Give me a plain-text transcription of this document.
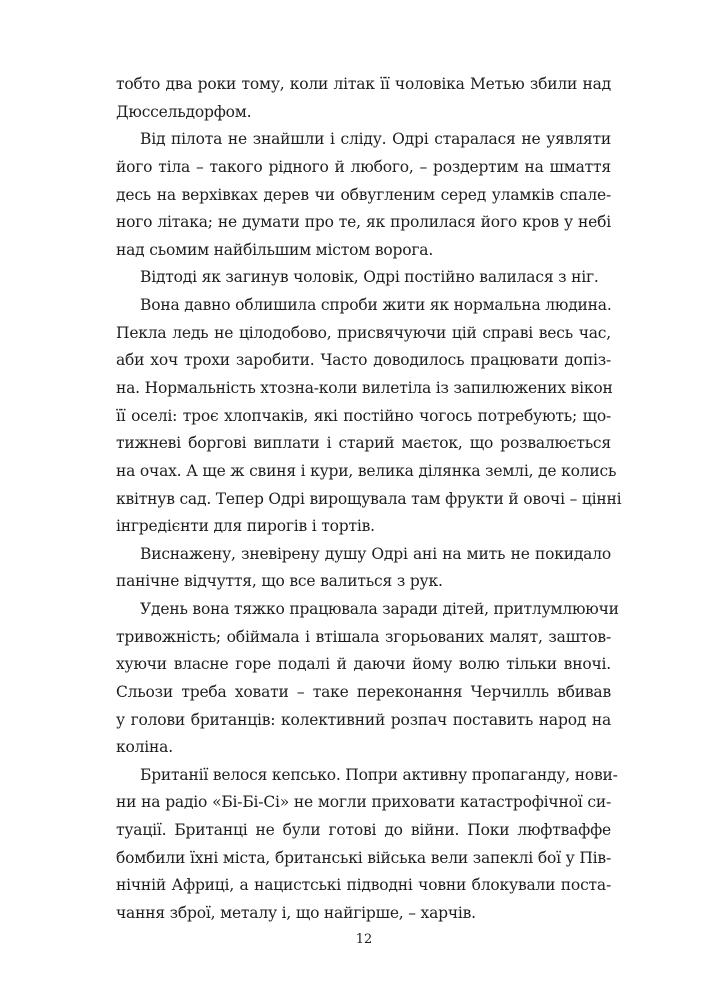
тобто два роки тому, коли літак її чоловіка Метью збили над
Дюссельдорфом.
Від пілота не знайшли і сліду. Одрі старалася не уявляти
його тіла – такого рідного й любого, – роздертим на шмаття
десь на верхівках дерев чи обвугленим серед уламків спале-
ного літака; не думати про те, як пролилася його кров у небі
над сьомим найбільшим містом ворога.
Відтоді як загинув чоловік, Одрі постійно валилася з ніг.
Вона давно облишила спроби жити як нормальна людина.
Пекла ледь не цілодобово, присвячуючи цій справі весь час,
аби хоч трохи заробити. Часто доводилось працювати допіз-
на. Нормальність хтозна-коли вилетіла із запилюжених вікон
її оселі: троє хлопчаків, які постійно чогось потребують; що-
тижневі боргові виплати і старий маєток, що розвалюється
на очах. А ще ж свиня і кури, велика ділянка землі, де колись
квітнув сад. Тепер Одрі вирощувала там фрукти й овочі – цінні
інгредієнти для пирогів і тортів.
Виснажену, зневірену душу Одрі ані на мить не покидало
панічне відчуття, що все валиться з рук.
Удень вона тяжко працювала заради дітей, притлумлюючи
тривожність; обіймала і втішала згорьованих малят, заштов-
хуючи власне горе подалі й даючи йому волю тільки вночі.
Сльози треба ховати – таке переконання Черчилль вбивав
у голови британців: колективний розпач поставить народ на
коліна.
Британії велося кепсько. Попри активну пропаганду, нови-
ни на радіо «Бі-Бі-Сі» не могли приховати катастрофічної си-
туації. Британці не були готові до війни. Поки люфтваффе
бомбили їхні міста, британські війська вели запеклі бої у Пів-
нічній Африці, а нацистські підводні човни блокували поста-
чання зброї, металу і, що найгірше, – харчів.
12
